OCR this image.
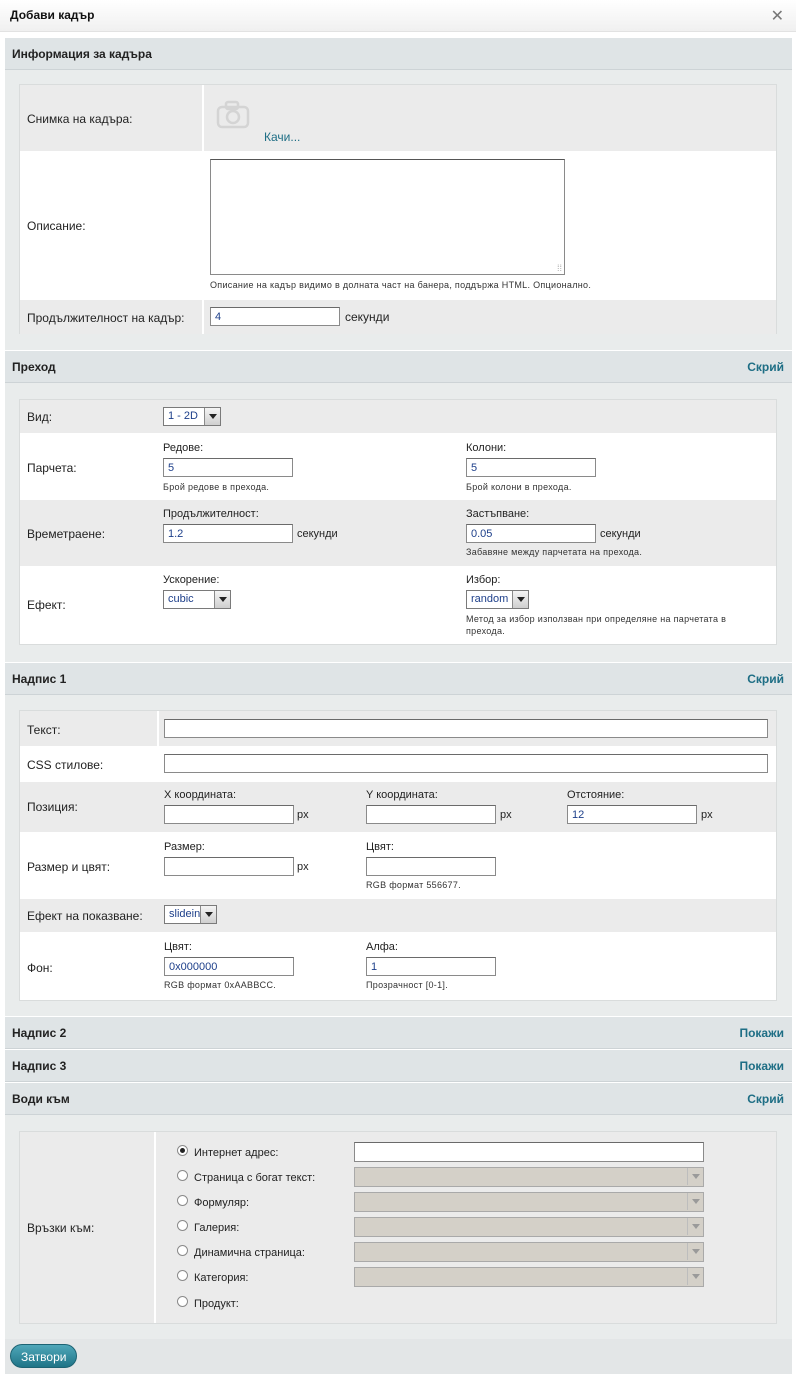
Добави кадър	✕
Информация за кадъра
Снимка на кадъра:
Качи...
Описание:
⁞⁞
Описание на кадър видимо в долната част на банера, поддържа HTML. Опционално.
Продължителност на кадър:	4	секунди
Преход	Скрий
Вид:	1 - 2D
Парчета:
Редове:
5
Брой редове в прехода.
Колони:
5
Брой колони в прехода.
Времетраене:
Продължителност:
1.2	секунди
Застъпване:
0.05	секунди
Забавяне между парчетата на прехода.
Ефект:
Ускорение:
cubic
Избор:
random
Метод за избор използван при определяне на парчетата в
прехода.
Надпис 1	Скрий
Текст:
CSS стилове:
Позиция:
X координата:
px
Y координата:
px
Отстояние:
12	px
Размер и цвят:
Размер:
px
Цвят:
RGB формат 556677.
Ефект на показване: slidein
Фон:
Цвят:
0x000000
RGB формат 0xAABBCC.
Алфа:
1
Прозрачност [0-1].
Надпис 2	Покажи
Надпис 3	Покажи
Води към	Скрий
Връзки към:
Интернет адрес:
Страница с богат текст:
Формуляр:
Галерия:
Динамична страница:
Категория:
Продукт:
Затвори
